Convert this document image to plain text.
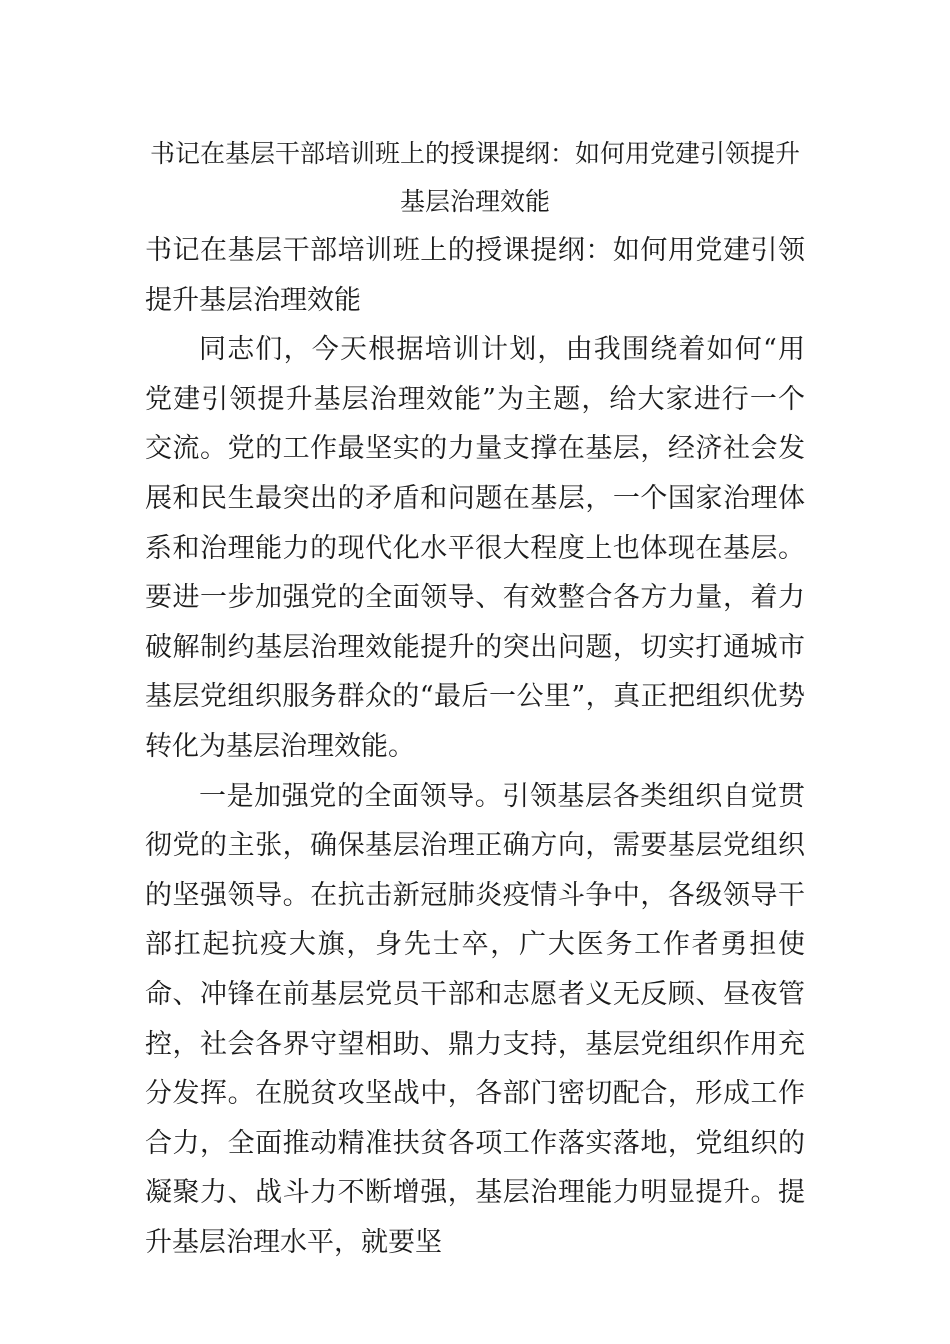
书记在基层干部培训班上的授课提纲：如何用党建引领提升基层治理效能

书记在基层干部培训班上的授课提纲：如何用党建引领提升基层治理效能

同志们，今天根据培训计划，由我围绕着如何“用党建引领提升基层治理效能”为主题，给大家进行一个交流。党的工作最坚实的力量支撑在基层，经济社会发展和民生最突出的矛盾和问题在基层，一个国家治理体系和治理能力的现代化水平很大程度上也体现在基层。要进一步加强党的全面领导、有效整合各方力量，着力破解制约基层治理效能提升的突出问题，切实打通城市基层党组织服务群众的“最后一公里”，真正把组织优势转化为基层治理效能。

一是加强党的全面领导。引领基层各类组织自觉贯彻党的主张，确保基层治理正确方向，需要基层党组织的坚强领导。在抗击新冠肺炎疫情斗争中，各级领导干部扛起抗疫大旗，身先士卒，广大医务工作者勇担使命、冲锋在前基层党员干部和志愿者义无反顾、昼夜管控，社会各界守望相助、鼎力支持，基层党组织作用充分发挥。在脱贫攻坚战中，各部门密切配合，形成工作合力，全面推动精准扶贫各项工作落实落地，党组织的凝聚力、战斗力不断增强，基层治理能力明显提升。提升基层治理水平，就要坚
